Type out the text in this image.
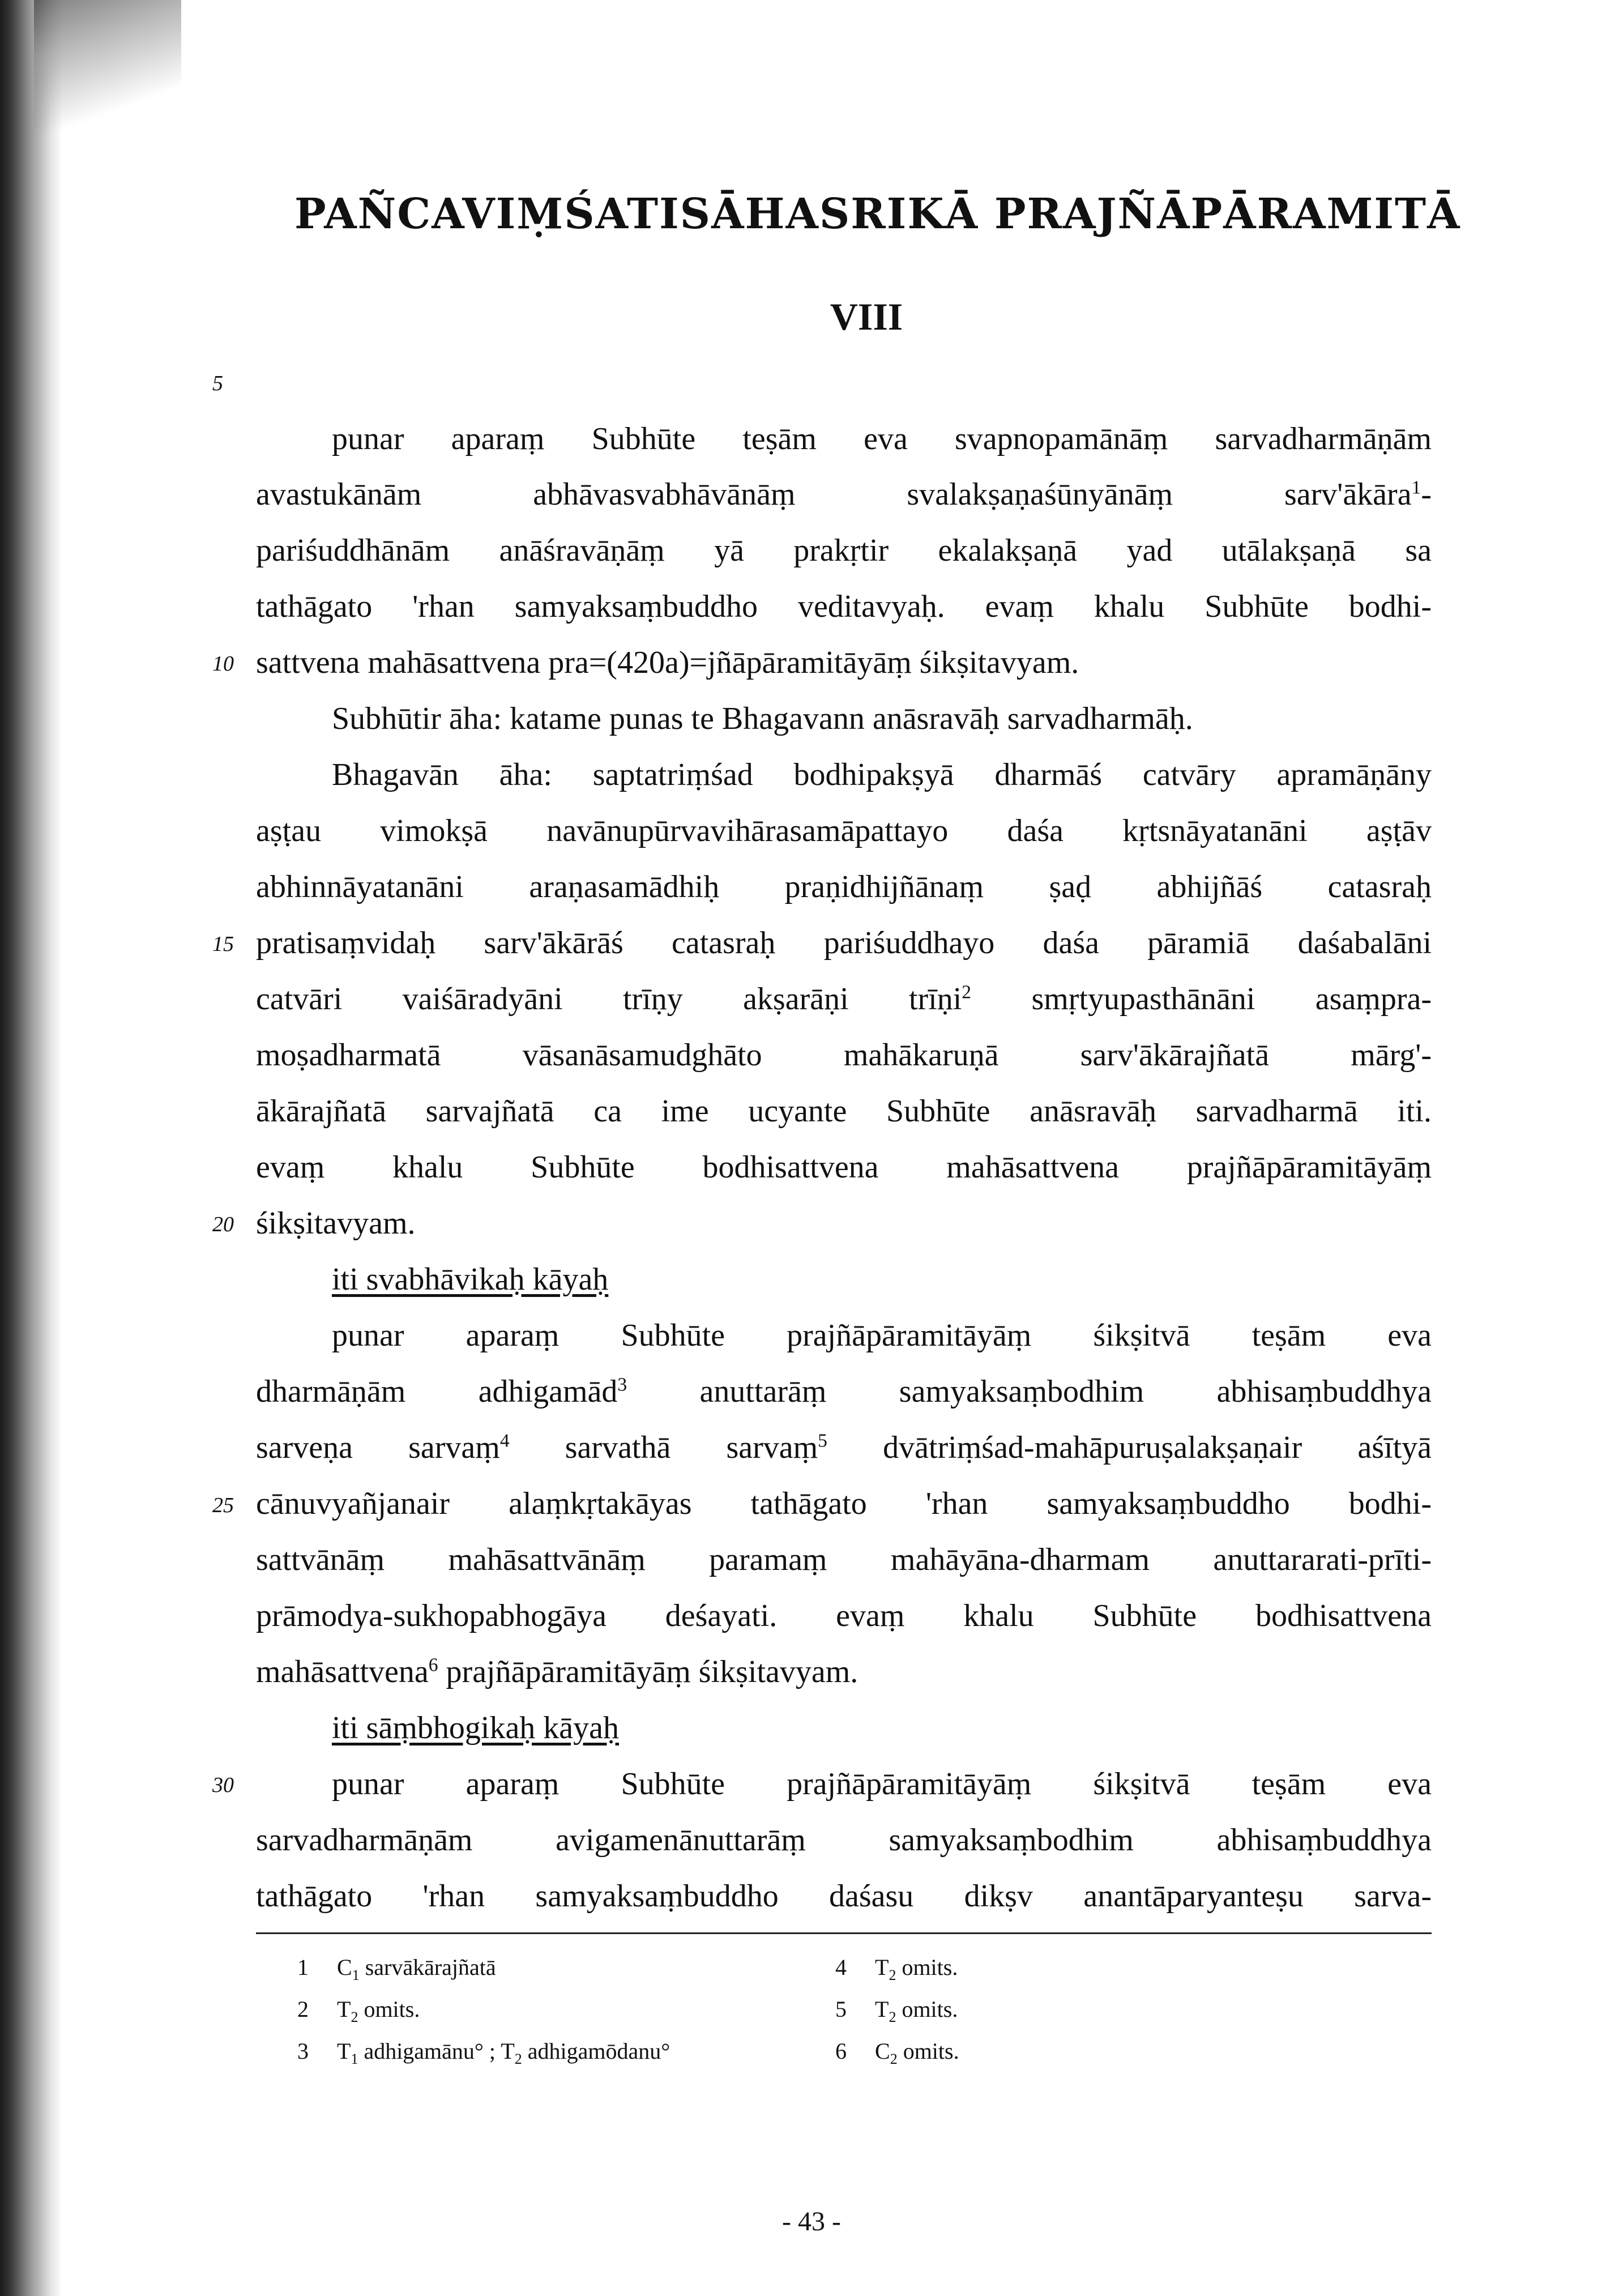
PAÑCAVIṂŚATISĀHASRIKĀ PRAJÑĀPĀRAMITĀ
VIII
5
10
15
20
25
30
punar aparaṃ Subhūte teṣām eva svapnopamānāṃ sarvadharmāṇām
avastukānām abhāvasvabhāvānāṃ svalakṣaṇaśūnyānāṃ sarv'ākāra$^1$-
pariśuddhānām anāśravāṇāṃ yā prakṛtir ekalakṣaṇā yad utālakṣaṇā sa
tathāgato 'rhan samyaksaṃbuddho veditavyaḥ. evaṃ khalu Subhūte bodhi-
sattvena mahāsattvena pra=(420a)=jñāpāramitāyāṃ śikṣitavyam.
Subhūtir āha: katame punas te Bhagavann anāsravāḥ sarvadharmāḥ.
Bhagavān āha: saptatriṃśad bodhipakṣyā dharmāś catvāry apramāṇāny
aṣṭau vimokṣā navānupūrvavihārasamāpattayo daśa kṛtsnāyatanāni aṣṭāv
abhinnāyatanāni araṇasamādhiḥ praṇidhijñānaṃ ṣaḍ abhijñāś catasraḥ
pratisaṃvidaḥ sarv'ākārāś catasraḥ pariśuddhayo daśa pāramiā daśabalāni
catvāri vaiśāradyāni trīṇy akṣarāṇi trīṇi$^2$ smṛtyupasthānāni asaṃpra-
moṣadharmatā vāsanāsamudghāto mahākaruṇā sarv'ākārajñatā mārg'-
ākārajñatā sarvajñatā ca ime ucyante Subhūte anāsravāḥ sarvadharmā iti.
evaṃ khalu Subhūte bodhisattvena mahāsattvena prajñāpāramitāyāṃ
śikṣitavyam.
iti svabhāvikaḥ kāyaḥ
punar aparaṃ Subhūte prajñāpāramitāyāṃ śikṣitvā teṣām eva
dharmāṇām adhigamād$^3$ anuttarāṃ samyaksaṃbodhim abhisaṃbuddhya
sarveṇa sarvaṃ$^4$ sarvathā sarvaṃ$^5$ dvātriṃśad-mahāpuruṣalakṣaṇair aśītyā
cānuvyañjanair alaṃkṛtakāyas tathāgato 'rhan samyaksaṃbuddho bodhi-
sattvānāṃ mahāsattvānāṃ paramaṃ mahāyāna-dharmam anuttararati-prīti-
prāmodya-sukhopabhogāya deśayati. evaṃ khalu Subhūte bodhisattvena
mahāsattvena$^6$ prajñāpāramitāyāṃ śikṣitavyam.
iti sāṃbhogikaḥ kāyaḥ
punar aparaṃ Subhūte prajñāpāramitāyāṃ śikṣitvā teṣām eva
sarvadharmāṇām avigamenānuttarāṃ samyaksaṃbodhim abhisaṃbuddhya
tathāgato 'rhan samyaksaṃbuddho daśasu dikṣv anantāparyanteṣu sarva-
1 $C_1$ sarvākārajñatā
2 $T_2$ omits.
3 $T_1$ adhigamānu° ; $T_2$ adhigamōdanu°
4 $T_2$ omits.
5 $T_2$ omits.
6 $C_2$ omits.
- 43 -
